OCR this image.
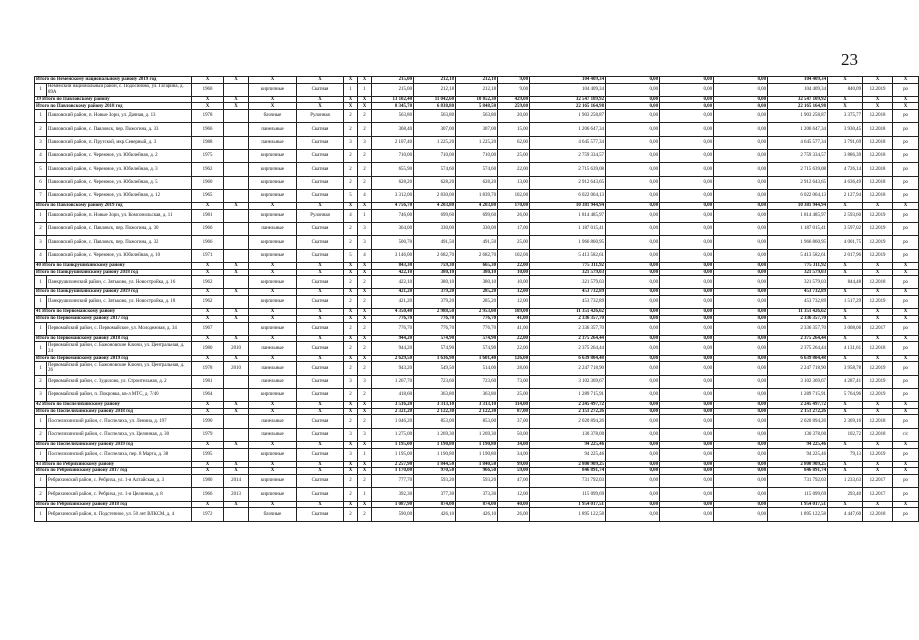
23
Итого по Неменскому национальному району 2019 год		X	X	X	X	X	X	215,00	212,18	212,18	9,00	104 409,34	0,00	0,00	0,00	104 409,34	X	X	X
1	Неменский национальный район, с. Подосиново, ул. Гагарина, д. 89А	1960		кирпичные	Скатная	1	1	215,00	212,18	212,18	9,00	104 409,34	0,00	0,00	0,00	104 409,34	840,09	12.2019	ро
39 Итого по Павловскому району		X	X	X	X	X	X	13 102,40	11 042,60	10 052,30	429,00	32 547 109,92	0,00	0,00	0,00	32 547 109,92	X	X	X
Итого по Павловскому району 2018 год		X	X	X	X	X	X	8 345,70	6 838,80	5 848,50	259,00	22 165 164,98	0,00	0,00	0,00	22 165 164,98	X	X	X
1	Павловский район, п. Новые Зори, ул. Дачная, д. 13	1978		блочные	Рулонная	2	2	563,80	563,80	563,80	20,00	1 903 258,87	0,00	0,00	0,00	1 903 258,87	3 375,77	12.2018	ро
2	Павловский район, с. Павловск, пер. Пожогина, д. 33	1966		панельные	Скатная	2	2	368,40	307,00	307,00	15,00	1 206 647,34	0,00	0,00	0,00	1 206 647,34	3 930,45	12.2018	ро
3	Павловский район, п. Прутской, мкр.Северный, д. 3	1988		панельные	Скатная	3	3	2 107,40	1 225,20	1 225,20	62,00	4 645 577,34	0,00	0,00	0,00	4 645 577,34	3 791,69	12.2018	ро
4	Павловский район, с. Черемное, ул. Юбилейная, д. 2	1975		кирпичные	Скатная	2	2	710,00	710,00	710,00	25,00	2 759 334,57	0,00	0,00	0,00	2 759 334,57	3 886,39	12.2018	ро
5	Павловский район, с. Черемное, ул. Юбилейная, д. 3	1962		кирпичные	Скатная	2	2	655,90	574,60	574,60	22,00	2 715 639,08	0,00	0,00	0,00	2 715 639,08	4 726,14	12.2018	ро
6	Павловский район, с. Черемное, ул. Юбилейная, д. 5	1960		кирпичные	Скатная	2	2	628,20	628,20	628,20	13,00	2 912 643,65	0,00	0,00	0,00	2 912 643,65	4 636,49	12.2018	ро
7	Павловский район, с. Черемное, ул. Юбилейная, д. 12	1965		кирпичные	Скатная	5	4	3 312,00	2 830,00	1 839,70	102,00	6 022 064,13	0,00	0,00	0,00	6 022 064,13	2 127,94	12.2018	ро
Итого по Павловскому району 2019 год		X	X	X	X	X	X	4 756,70	4 203,80	4 203,80	170,00	10 381 944,94	0,00	0,00	0,00	10 381 944,94	X	X	X
1	Павловский район, п. Новые Зори, ул. Комсомольская, д. 11	1981		кирпичные	Рулонная	4	1	746,00	699,60	699,60	26,00	1 814 485,97	0,00	0,00	0,00	1 814 485,97	2 593,60	12.2019	ро
2	Павловский район, с. Павловск, пер. Пожогина, д. 30	1966		панельные	Скатная	2	3	364,00	330,00	330,00	17,00	1 187 015,41	0,00	0,00	0,00	1 187 015,41	3 597,02	12.2019	ро
3	Павловский район, с. Павловск, пер. Пожогина, д. 32	1966		кирпичные	Скатная	2	3	500,70	491,50	491,50	25,00	1 966 860,95	0,00	0,00	0,00	1 966 860,95	4 001,75	12.2019	ро
4	Павловский район, с. Черемное, ул. Юбилейная, д. 10	1971		кирпичные	Скатная	5	4	3 146,00	2 682,70	2 682,70	102,00	5 413 582,61	0,00	0,00	0,00	5 413 582,61	2 017,96	12.2019	ро
40 Итого по Панкрушихинскому району		X	X	X	X	X	X	843,30	759,30	665,30	22,00	775 311,92	0,00	0,00	0,00	775 311,92	X	X	X
Итого по Панкрушихинскому району 2018 год		X	X	X	X	X	X	422,10	380,10	380,10	10,00	321 579,03	0,00	0,00	0,00	321 579,03	X	X	X
1	Панкрушихинский район, с. Зятьково, ул. Новостройка, д. 16	1962		кирпичные	Скатная	2	2	422,10	380,10	380,10	10,00	321 579,03	0,00	0,00	0,00	321 579,03	844,48	12.2018	ро
Итого по Панкрушихинскому району 2019 год		X	X	X	X	X	X	421,20	379,20	285,20	12,00	453 732,89	0,00	0,00	0,00	453 732,89	X	X	X
1	Панкрушихинский район, с. Зятьково, ул. Новостройка, д. 18	1962		кирпичные	Скатная	2	2	421,20	379,20	285,20	12,00	453 732,89	0,00	0,00	0,00	453 732,89	1 517,29	12.2019	ро
41 Итого по Первомайскому району		X	X	X	X	X	X	4 350,40	2 988,50	2 953,00	189,00	11 351 426,62	0,00	0,00	0,00	11 351 426,62	X	X	X
Итого по Первомайскому району 2017 год		X	X	X	X	X	X	776,70	776,70	776,70	41,00	2 336 357,70	0,00	0,00	0,00	2 336 357,70	X	X	X
1	Первомайский район, с. Первомайское, ул. Молодежная, д. 34	1967		кирпичные	Скатная	2	2	776,70	776,70	776,70	41,00	2 336 357,70	0,00	0,00	0,00	2 336 357,70	3 008,06	12.2017	ро
Итого по Первомайскому району 2018 год		X	X	X	X	X	X	944,20	574,90	574,90	22,00	2 375 264,44	0,00	0,00	0,00	2 375 264,44	X	X	X
1	Первомайский район, с. Бажоновские Ключи, ул. Центральная, д. 24	1980	2010	панельные	Скатная	2	2	944,20	574,90	574,90	22,00	2 375 264,44	0,00	0,00	0,00	2 375 264,44	4 131,61	12.2018	ро
Итого по Первомайскому району 2019 год		X	X	X	X	X	X	2 629,50	1 636,90	1 601,40	126,00	6 639 804,48	0,00	0,00	0,00	6 639 804,48	X	X	X
1	Первомайский район, с. Бажоновские Ключи, ул. Центральная, д. 26	1978	2010	панельные	Скатная	2	2	943,20	549,50	514,00	28,00	2 247 718,90	0,00	0,00	0,00	2 247 718,90	3 958,78	12.2019	ро
2	Первомайский район, с. Зудилово, ул. Строительная, д. 2	1981		панельные	Скатная	3	3	1 267,70	723,60	723,60	73,00	3 102 369,67	0,00	0,00	0,00	3 102 369,67	4 287,41	12.2019	ро
3	Первомайский район, п. Покровка, кв-л МТС, д. 7/40	1964		кирпичные	Скатная	2	2	418,60	363,80	363,80	25,00	1 289 715,91	0,00	0,00	0,00	1 289 715,91	5 764,96	12.2019	ро
42 Итого по Поспелихинскому району		X	X	X	X	X	X	3 516,20	3 313,10	3 313,10	114,00	2 245 497,72	0,00	0,00	0,00	2 245 497,72	X	X	X
Итого по Поспелихинскому району 2018 год		X	X	X	X	X	X	2 321,20	2 122,30	2 122,30	87,00	2 151 272,26	0,00	0,00	0,00	2 151 272,26	X	X	X
1	Поспелихинский район, с. Поспелиха, ул. Ленина, д. 197	1990		панельные	Скатная	2	2	1 046,20	853,00	853,00	37,00	2 020 894,26	0,00	0,00	0,00	2 020 894,26	2 369,16	12.2018	ро
2	Поспелихинский район, с. Поспелиха, ул. Целинная, д. 30	1979		панельные	Скатная	3	3	1 275,00	1 269,30	1 269,30	50,00	130 378,00	0,00	0,00	0,00	130 378,00	102,72	12.2018	с/с
Итого по Поспелихинскому району 2019 год		X	X	X	X	X	X	1 195,00	1 190,80	1 190,80	34,00	94 225,46	0,00	0,00	0,00	94 225,46	X	X	X
1	Поспелихинский район, с. Поспелиха, пер. 8 Марта, д. 38	1995		кирпичные	Скатная	3	1	1 195,00	1 190,80	1 190,80	34,00	94 225,46	0,00	0,00	0,00	94 225,46	79,13	12.2019	ро
43 Итого по Ребрихинскому району		X	X	X	X	X	X	2 257,90	1 844,50	1 840,50	99,00	2 800 909,25	0,00	0,00	0,00	2 800 909,25	X	X	X
Итого по Ребрихинскому району 2017 год		X	X	X	X	X	X	1 170,00	970,50	966,50	59,00	846 891,74	0,00	0,00	0,00	846 891,74	X	X	X
1	Ребрихинский район, с. Ребриха, ул. 1-я Алтайская, д. 3	1980	2014	кирпичные	Скатная	2	2	777,70	593,20	593,20	47,00	731 792,03	0,00	0,00	0,00	731 792,03	1 233,63	12.2017	ро
2	Ребрихинский район, с. Ребриха, ул. 1-я Целинная, д. 8	1966	2013	кирпичные	Скатная	2	1	392,30	377,30	373,30	12,00	115 099,69	0,00	0,00	0,00	115 099,69	293,40	12.2017	ро
Итого по Ребрихинскому району 2018 год		X	X	X	X	X	X	1 087,90	874,00	874,00	40,00	1 954 017,51	0,00	0,00	0,00	1 954 017,51	X	X	X
1	Ребрихинский район, п. Подстепное, ул. 50 лет ВЛКСМ, д. 4	1972		блочные	Скатная	2	2	590,00	426,10	426,10	26,00	1 895 122,58	0,00	0,00	0,00	1 895 122,58	4 447,60	12.2018	ро
